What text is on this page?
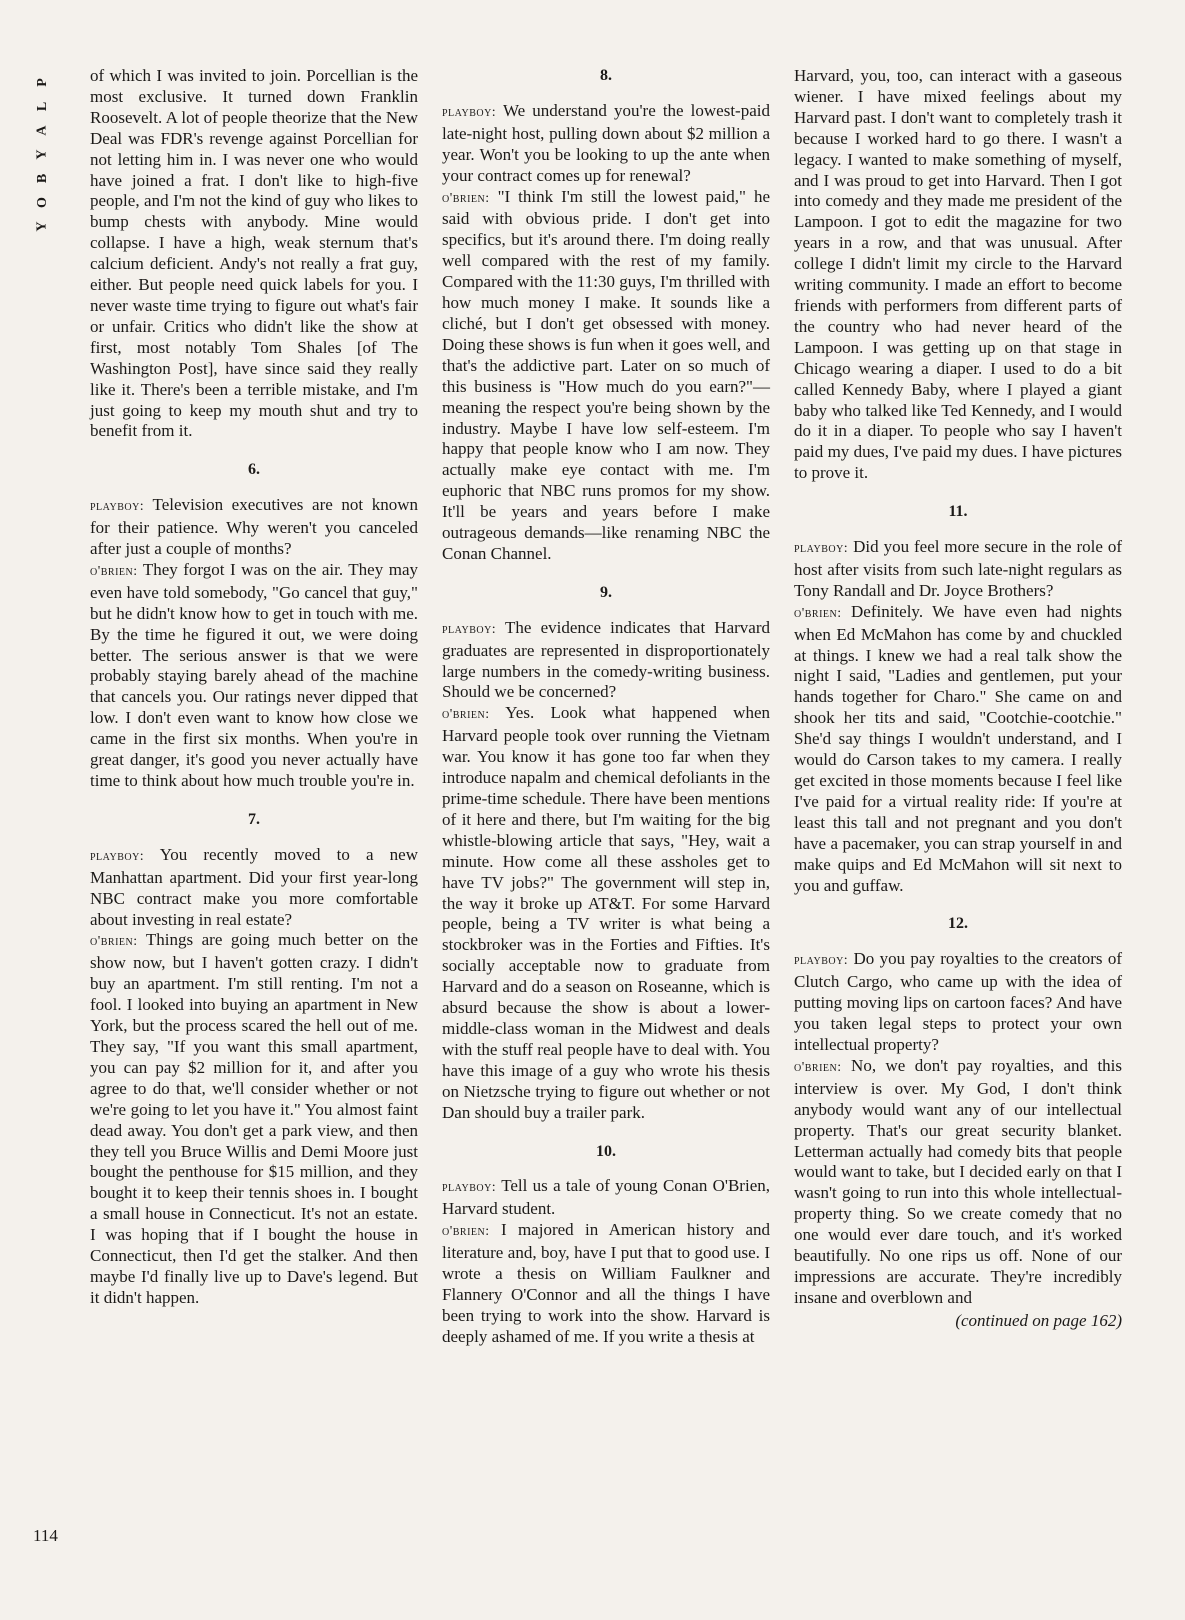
P
L
A
Y
B
O
Y
114

of which I was invited to join. Porcellian is the most exclusive. It turned down Franklin Roosevelt. A lot of people theorize that the New Deal was FDR's revenge against Porcellian for not letting him in. I was never one who would have joined a frat. I don't like to high-five people, and I'm not the kind of guy who likes to bump chests with anybody. Mine would collapse. I have a high, weak sternum that's calcium deficient. Andy's not really a frat guy, either. But people need quick labels for you. I never waste time trying to figure out what's fair or unfair. Critics who didn't like the show at first, most notably Tom Shales [of The Washington Post], have since said they really like it. There's been a terrible mistake, and I'm just going to keep my mouth shut and try to benefit from it.

6.

playboy: Television executives are not known for their patience. Why weren't you canceled after just a couple of months?

o'brien: They forgot I was on the air. They may even have told somebody, "Go cancel that guy," but he didn't know how to get in touch with me. By the time he figured it out, we were doing better. The serious answer is that we were probably staying barely ahead of the machine that cancels you. Our ratings never dipped that low. I don't even want to know how close we came in the first six months. When you're in great danger, it's good you never actually have time to think about how much trouble you're in.

7.

playboy: You recently moved to a new Manhattan apartment. Did your first year-long NBC contract make you more comfortable about investing in real estate?

o'brien: Things are going much better on the show now, but I haven't gotten crazy. I didn't buy an apartment. I'm still renting. I'm not a fool. I looked into buying an apartment in New York, but the process scared the hell out of me. They say, "If you want this small apartment, you can pay $2 million for it, and after you agree to do that, we'll consider whether or not we're going to let you have it." You almost faint dead away. You don't get a park view, and then they tell you Bruce Willis and Demi Moore just bought the penthouse for $15 million, and they bought it to keep their tennis shoes in. I bought a small house in Connecticut. It's not an estate. I was hoping that if I bought the house in Connecticut, then I'd get the stalker. And then maybe I'd finally live up to Dave's legend. But it didn't happen.

8.

playboy: We understand you're the lowest-paid late-night host, pulling down about $2 million a year. Won't you be looking to up the ante when your contract comes up for renewal?

o'brien: "I think I'm still the lowest paid," he said with obvious pride. I don't get into specifics, but it's around there. I'm doing really well compared with the rest of my family. Compared with the 11:30 guys, I'm thrilled with how much money I make. It sounds like a cliché, but I don't get obsessed with money. Doing these shows is fun when it goes well, and that's the addictive part. Later on so much of this business is "How much do you earn?"—meaning the respect you're being shown by the industry. Maybe I have low self-esteem. I'm happy that people know who I am now. They actually make eye contact with me. I'm euphoric that NBC runs promos for my show. It'll be years and years before I make outrageous demands—like renaming NBC the Conan Channel.

9.

playboy: The evidence indicates that Harvard graduates are represented in disproportionately large numbers in the comedy-writing business. Should we be concerned?

o'brien: Yes. Look what happened when Harvard people took over running the Vietnam war. You know it has gone too far when they introduce napalm and chemical defoliants in the prime-time schedule. There have been mentions of it here and there, but I'm waiting for the big whistle-blowing article that says, "Hey, wait a minute. How come all these assholes get to have TV jobs?" The government will step in, the way it broke up AT&T. For some Harvard people, being a TV writer is what being a stockbroker was in the Forties and Fifties. It's socially acceptable now to graduate from Harvard and do a season on Roseanne, which is absurd because the show is about a lower-middle-class woman in the Midwest and deals with the stuff real people have to deal with. You have this image of a guy who wrote his thesis on Nietzsche trying to figure out whether or not Dan should buy a trailer park.

10.

playboy: Tell us a tale of young Conan O'Brien, Harvard student.

o'brien: I majored in American history and literature and, boy, have I put that to good use. I wrote a thesis on William Faulkner and Flannery O'Connor and all the things I have been trying to work into the show. Harvard is deeply ashamed of me. If you write a thesis at

Harvard, you, too, can interact with a gaseous wiener. I have mixed feelings about my Harvard past. I don't want to completely trash it because I worked hard to go there. I wasn't a legacy. I wanted to make something of myself, and I was proud to get into Harvard. Then I got into comedy and they made me president of the Lampoon. I got to edit the magazine for two years in a row, and that was unusual. After college I didn't limit my circle to the Harvard writing community. I made an effort to become friends with performers from different parts of the country who had never heard of the Lampoon. I was getting up on that stage in Chicago wearing a diaper. I used to do a bit called Kennedy Baby, where I played a giant baby who talked like Ted Kennedy, and I would do it in a diaper. To people who say I haven't paid my dues, I've paid my dues. I have pictures to prove it.

11.

playboy: Did you feel more secure in the role of host after visits from such late-night regulars as Tony Randall and Dr. Joyce Brothers?

o'brien: Definitely. We have even had nights when Ed McMahon has come by and chuckled at things. I knew we had a real talk show the night I said, "Ladies and gentlemen, put your hands together for Charo." She came on and shook her tits and said, "Cootchie-cootchie." She'd say things I wouldn't understand, and I would do Carson takes to my camera. I really get excited in those moments because I feel like I've paid for a virtual reality ride: If you're at least this tall and not pregnant and you don't have a pacemaker, you can strap yourself in and make quips and Ed McMahon will sit next to you and guffaw.

12.

playboy: Do you pay royalties to the creators of Clutch Cargo, who came up with the idea of putting moving lips on cartoon faces? And have you taken legal steps to protect your own intellectual property?

o'brien: No, we don't pay royalties, and this interview is over. My God, I don't think anybody would want any of our intellectual property. That's our great security blanket. Letterman actually had comedy bits that people would want to take, but I decided early on that I wasn't going to run into this whole intellectual-property thing. So we create comedy that no one would ever dare touch, and it's worked beautifully. No one rips us off. None of our impressions are accurate. They're incredibly insane and overblown and

(continued on page 162)
